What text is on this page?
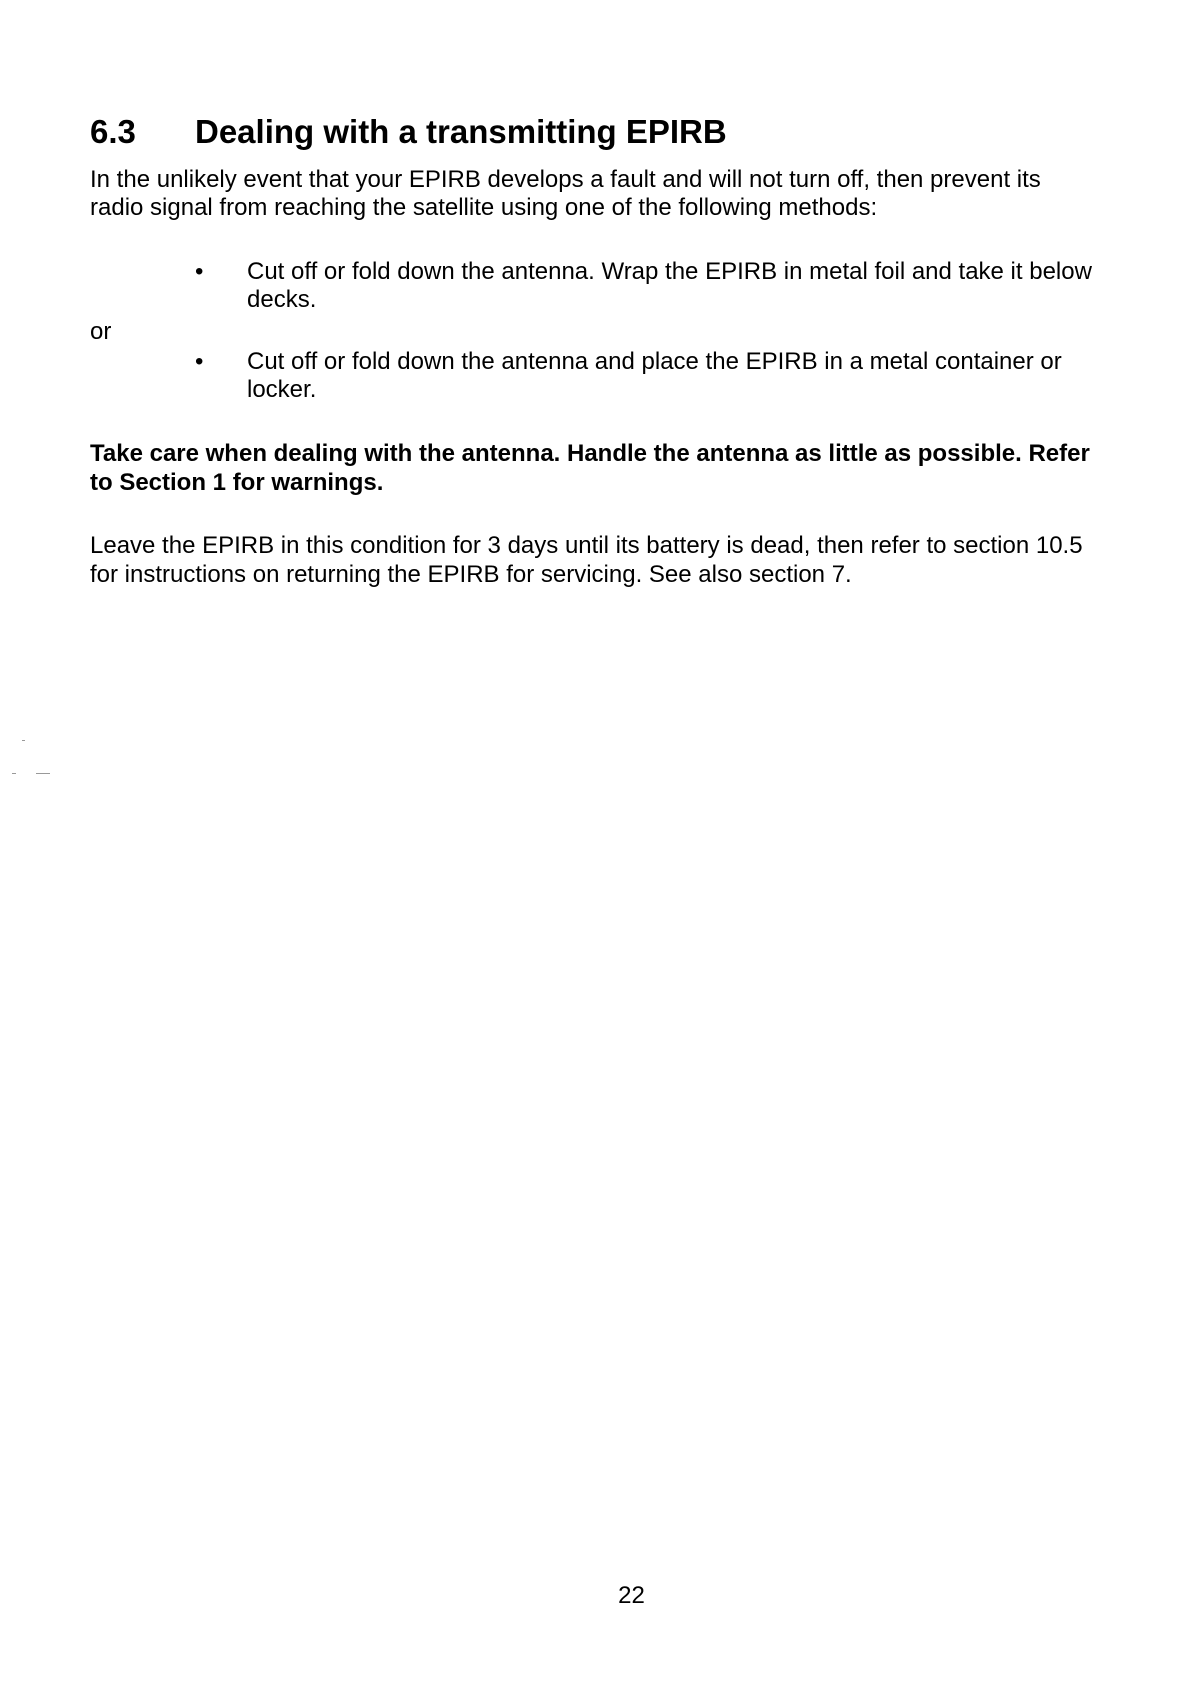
6.3 Dealing with a transmitting EPIRB

In the unlikely event that your EPIRB develops a fault and will not turn off, then prevent its radio signal from reaching the satellite using one of the following methods:

•	Cut off or fold down the antenna. Wrap the EPIRB in metal foil and take it below decks.
or
•	Cut off or fold down the antenna and place the EPIRB in a metal container or locker.

Take care when dealing with the antenna. Handle the antenna as little as possible. Refer to Section 1 for warnings.

Leave the EPIRB in this condition for 3 days until its battery is dead, then refer to section 10.5 for instructions on returning the EPIRB for servicing. See also section 7.

22
